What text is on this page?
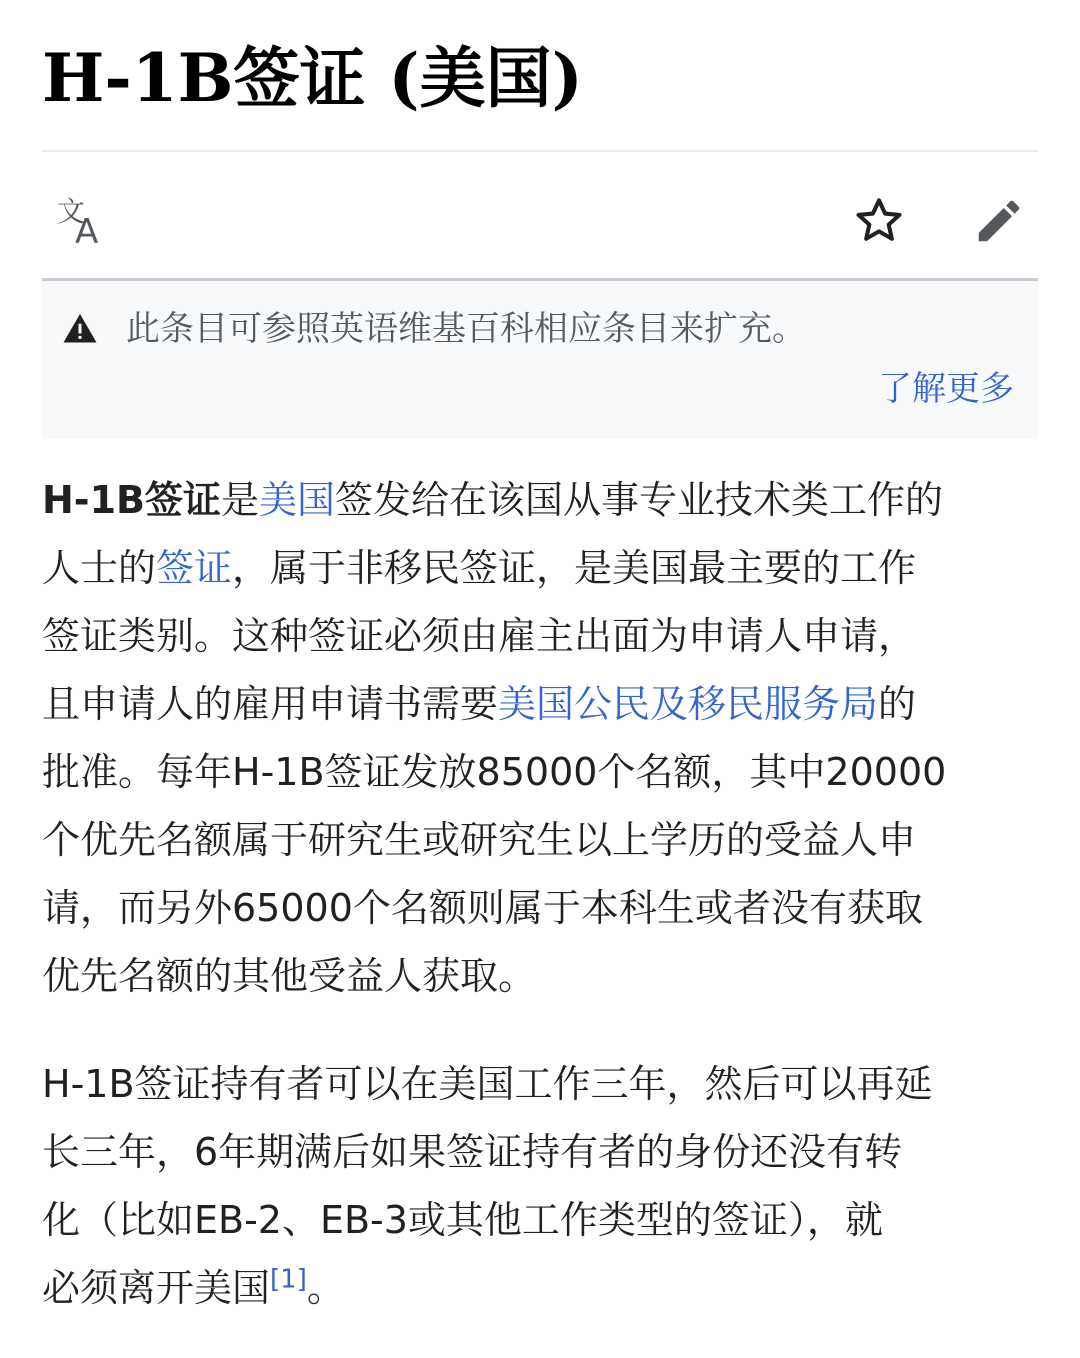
H-1B签证 (美国)
文
A
此条目可参照英语维基百科相应条目来扩充。
了解更多
H-1B签证是美国签发给在该国从事专业技术类工作的
人士的签证，属于非移民签证，是美国最主要的工作
签证类别。这种签证必须由雇主出面为申请人申请，
且申请人的雇用申请书需要美国公民及移民服务局的
批准。每年H-1B签证发放85000个名额，其中20000
个优先名额属于研究生或研究生以上学历的受益人申
请，而另外65000个名额则属于本科生或者没有获取
优先名额的其他受益人获取。
H-1B签证持有者可以在美国工作三年，然后可以再延
长三年，6年期满后如果签证持有者的身份还没有转
化（比如EB-2、EB-3或其他工作类型的签证），就
必须离开美国[1]。
